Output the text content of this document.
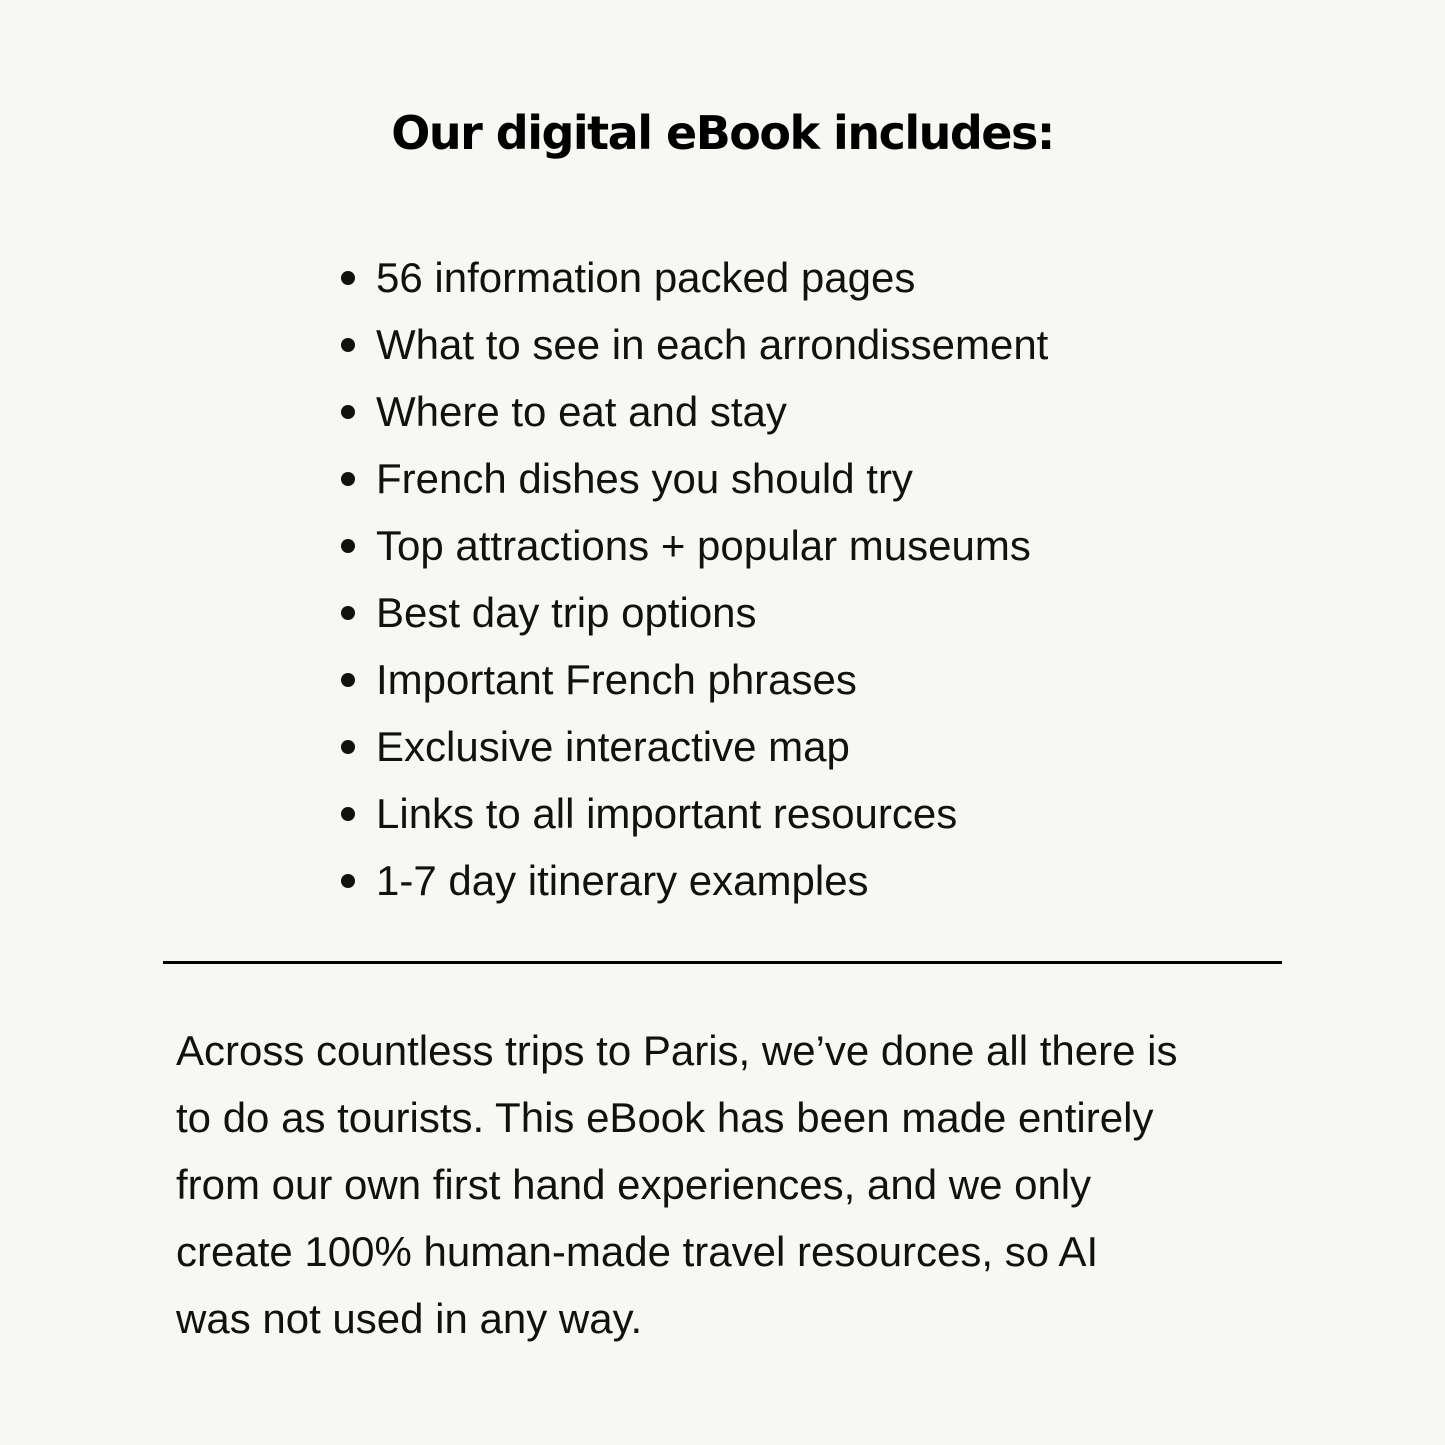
Our digital eBook includes:
56 information packed pages
What to see in each arrondissement
Where to eat and stay
French dishes you should try
Top attractions + popular museums
Best day trip options
Important French phrases
Exclusive interactive map
Links to all important resources
1-7 day itinerary examples

Across countless trips to Paris, we’ve done all there is
to do as tourists. This eBook has been made entirely
from our own first hand experiences, and we only
create 100% human-made travel resources, so AI
was not used in any way.
